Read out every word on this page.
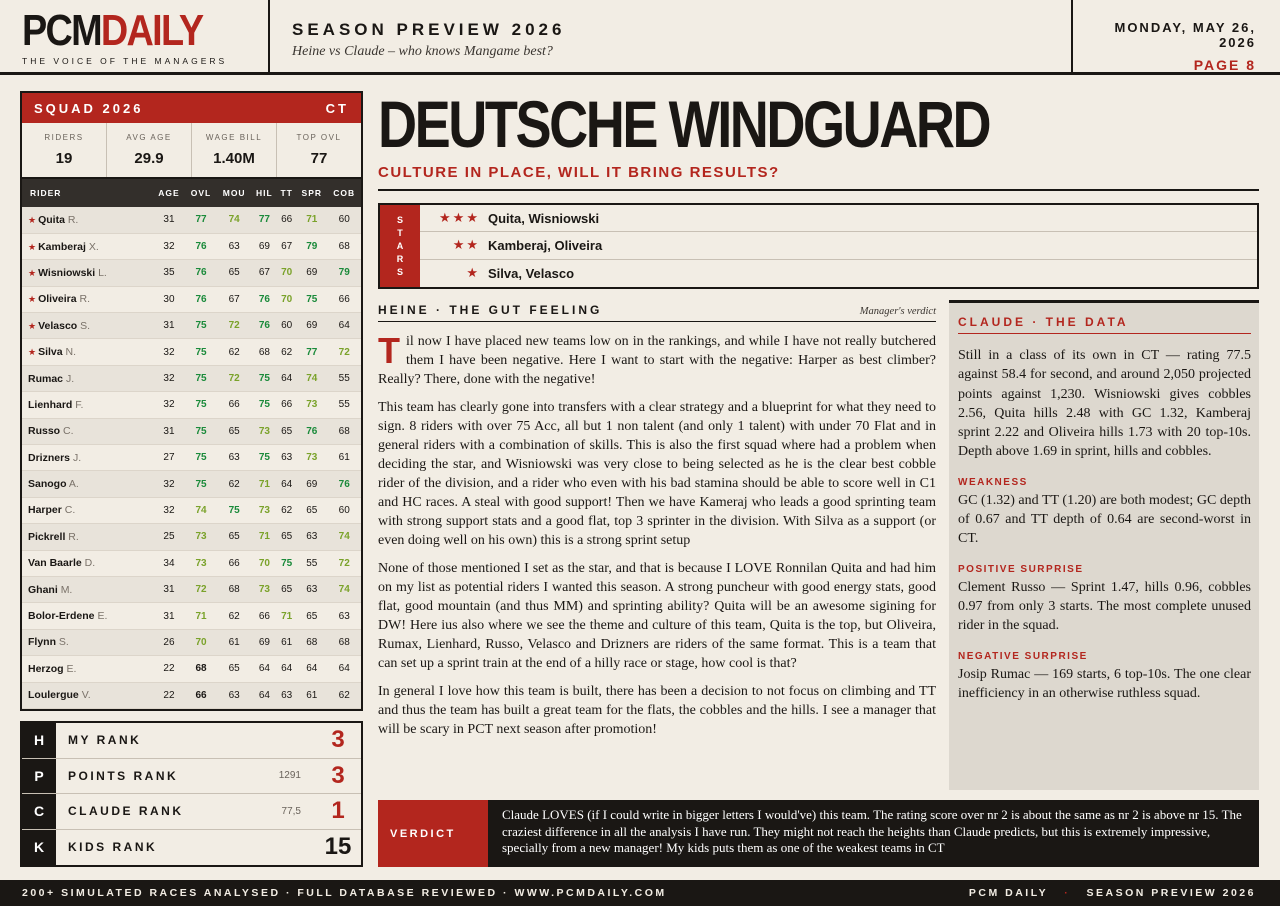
PCMDAILY
THE VOICE OF THE MANAGERS
SEASON PREVIEW 2026
Heine vs Claude – who knows Mangame best?
MONDAY, MAY 26, 2026
PAGE 8
SQUAD 2026	CT
RIDERS
19
AVG AGE
29.9
WAGE BILL
1.40M
TOP OVL
77
RIDER	AGE	OVL	MOU	HIL	TT	SPR	COB
★ Quita R.	31	77	74	77	66	71	60
★ Kamberaj X.	32	76	63	69	67	79	68
★ Wisniowski L.	35	76	65	67	70	69	79
★ Oliveira R.	30	76	67	76	70	75	66
★ Velasco S.	31	75	72	76	60	69	64
★ Silva N.	32	75	62	68	62	77	72
Rumac J.	32	75	72	75	64	74	55
Lienhard F.	32	75	66	75	66	73	55
Russo C.	31	75	65	73	65	76	68
Drizners J.	27	75	63	75	63	73	61
Sanogo A.	32	75	62	71	64	69	76
Harper C.	32	74	75	73	62	65	60
Pickrell R.	25	73	65	71	65	63	74
Van Baarle D.	34	73	66	70	75	55	72
Ghani M.	31	72	68	73	65	63	74
Bolor-Erdene E.	31	71	62	66	71	65	63
Flynn S.	26	70	61	69	61	68	68
Herzog E.	22	68	65	64	64	64	64
Loulergue V.	22	66	63	64	63	61	62
H	MY RANK	3
P	POINTS RANK	1291	3
C	CLAUDE RANK	77,5	1
K	KIDS RANK	15
DEUTSCHE WINDGUARD
CULTURE IN PLACE, WILL IT BRING RESULTS?
S
T
A
R
S
★★★ Quita, Wisniowski
★★ Kamberaj, Oliveira
★ Silva, Velasco
HEINE · THE GUT FEELING	Manager's verdict

Til now I have placed new teams low on in the rankings, and while I have not really butchered them I have been negative. Here I want to start with the negative: Harper as best climber? Really? There, done with the negative!

This team has clearly gone into transfers with a clear strategy and a blueprint for what they need to sign. 8 riders with over 75 Acc, all but 1 non talent (and only 1 talent) with under 70 Flat and in general riders with a combination of skills. This is also the first squad where had a problem when deciding the star, and Wisniowski was very close to being selected as he is the clear best cobble rider of the division, and a rider who even with his bad stamina should be able to score well in C1 and HC races. A steal with good support! Then we have Kameraj who leads a good sprinting team with strong support stats and a good flat, top 3 sprinter in the division. With Silva as a support (or even doing well on his own) this is a strong sprint setup

None of those mentioned I set as the star, and that is because I LOVE Ronnilan Quita and had him on my list as potential riders I wanted this season. A strong puncheur with good energy stats, good flat, good mountain (and thus MM) and sprinting ability? Quita will be an awesome sigining for DW! Here ius also where we see the theme and culture of this team, Quita is the top, but Oliveira, Rumax, Lienhard, Russo, Velasco and Drizners are riders of the same format. This is a team that can set up a sprint train at the end of a hilly race or stage, how cool is that?

In general I love how this team is built, there has been a decision to not focus on climbing and TT and thus the team has built a great team for the flats, the cobbles and the hills. I see a manager that will be scary in PCT next season after promotion!

CLAUDE · THE DATA

Still in a class of its own in CT — rating 77.5 against 58.4 for second, and around 2,050 projected points against 1,230. Wisniowski gives cobbles 2.56, Quita hills 2.48 with GC 1.32, Kamberaj sprint 2.22 and Oliveira hills 1.73 with 20 top-10s. Depth above 1.69 in sprint, hills and cobbles.

WEAKNESS

GC (1.32) and TT (1.20) are both modest; GC depth of 0.67 and TT depth of 0.64 are second-worst in CT.

POSITIVE SURPRISE

Clement Russo — Sprint 1.47, hills 0.96, cobbles 0.97 from only 3 starts. The most complete unused rider in the squad.

NEGATIVE SURPRISE

Josip Rumac — 169 starts, 6 top-10s. The one clear inefficiency in an otherwise ruthless squad.

VERDICT
Claude LOVES (if I could write in bigger letters I would've) this team. The rating score over nr 2 is about the same as nr 2 is above nr 15. The craziest difference in all the analysis I have run. They might not reach the heights than Claude predicts, but this is extremely impressive, specially from a new manager! My kids puts them as one of the weakest teams in CT
200+ SIMULATED RACES ANALYSED · FULL DATABASE REVIEWED · WWW.PCMDAILY.COM	PCM DAILY · SEASON PREVIEW 2026
